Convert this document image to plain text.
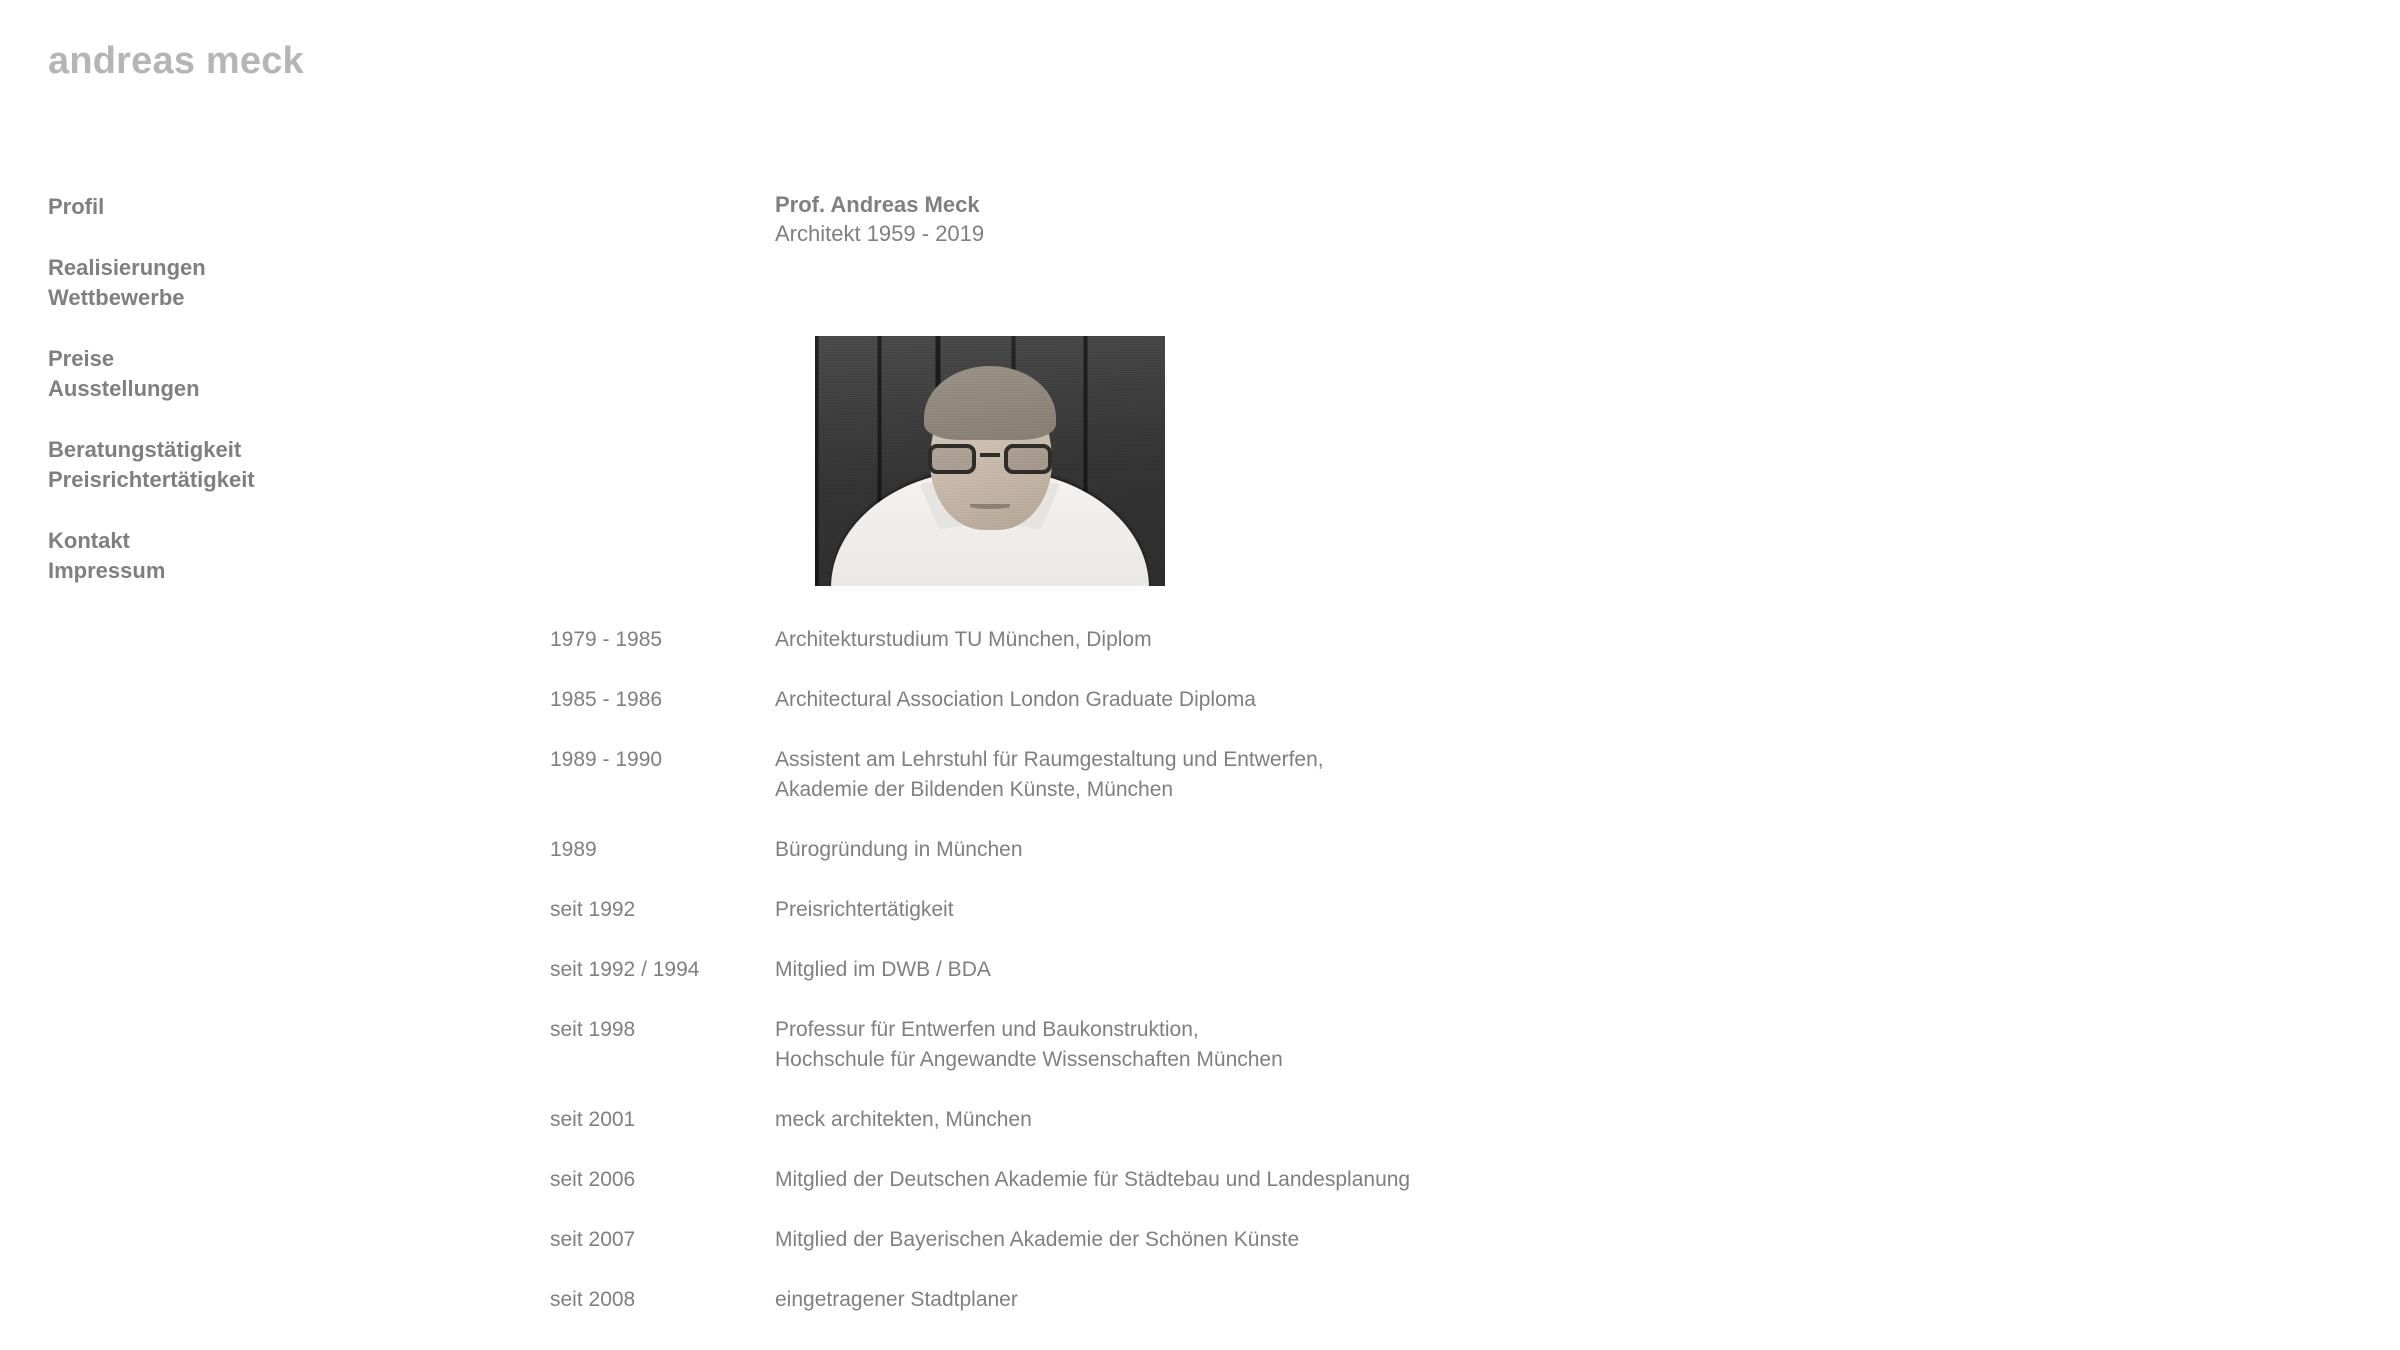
andreas meck
Profil
Realisierungen
Wettbewerbe
Preise
Ausstellungen
Beratungstätigkeit
Preisrichtertätigkeit
Kontakt
Impressum
Prof. Andreas Meck
Architekt 1959 - 2019
1979 - 1985	Architekturstudium TU München, Diplom
1985 - 1986	Architectural Association London Graduate Diploma
1989 - 1990	Assistent am Lehrstuhl für Raumgestaltung und Entwerfen,
Akademie der Bildenden Künste, München
1989	Bürogründung in München
seit 1992	Preisrichtertätigkeit
seit 1992 / 1994	Mitglied im DWB / BDA
seit 1998	Professur für Entwerfen und Baukonstruktion,
Hochschule für Angewandte Wissenschaften München
seit 2001	meck architekten, München
seit 2006	Mitglied der Deutschen Akademie für Städtebau und Landesplanung
seit 2007	Mitglied der Bayerischen Akademie der Schönen Künste
seit 2008	eingetragener Stadtplaner
